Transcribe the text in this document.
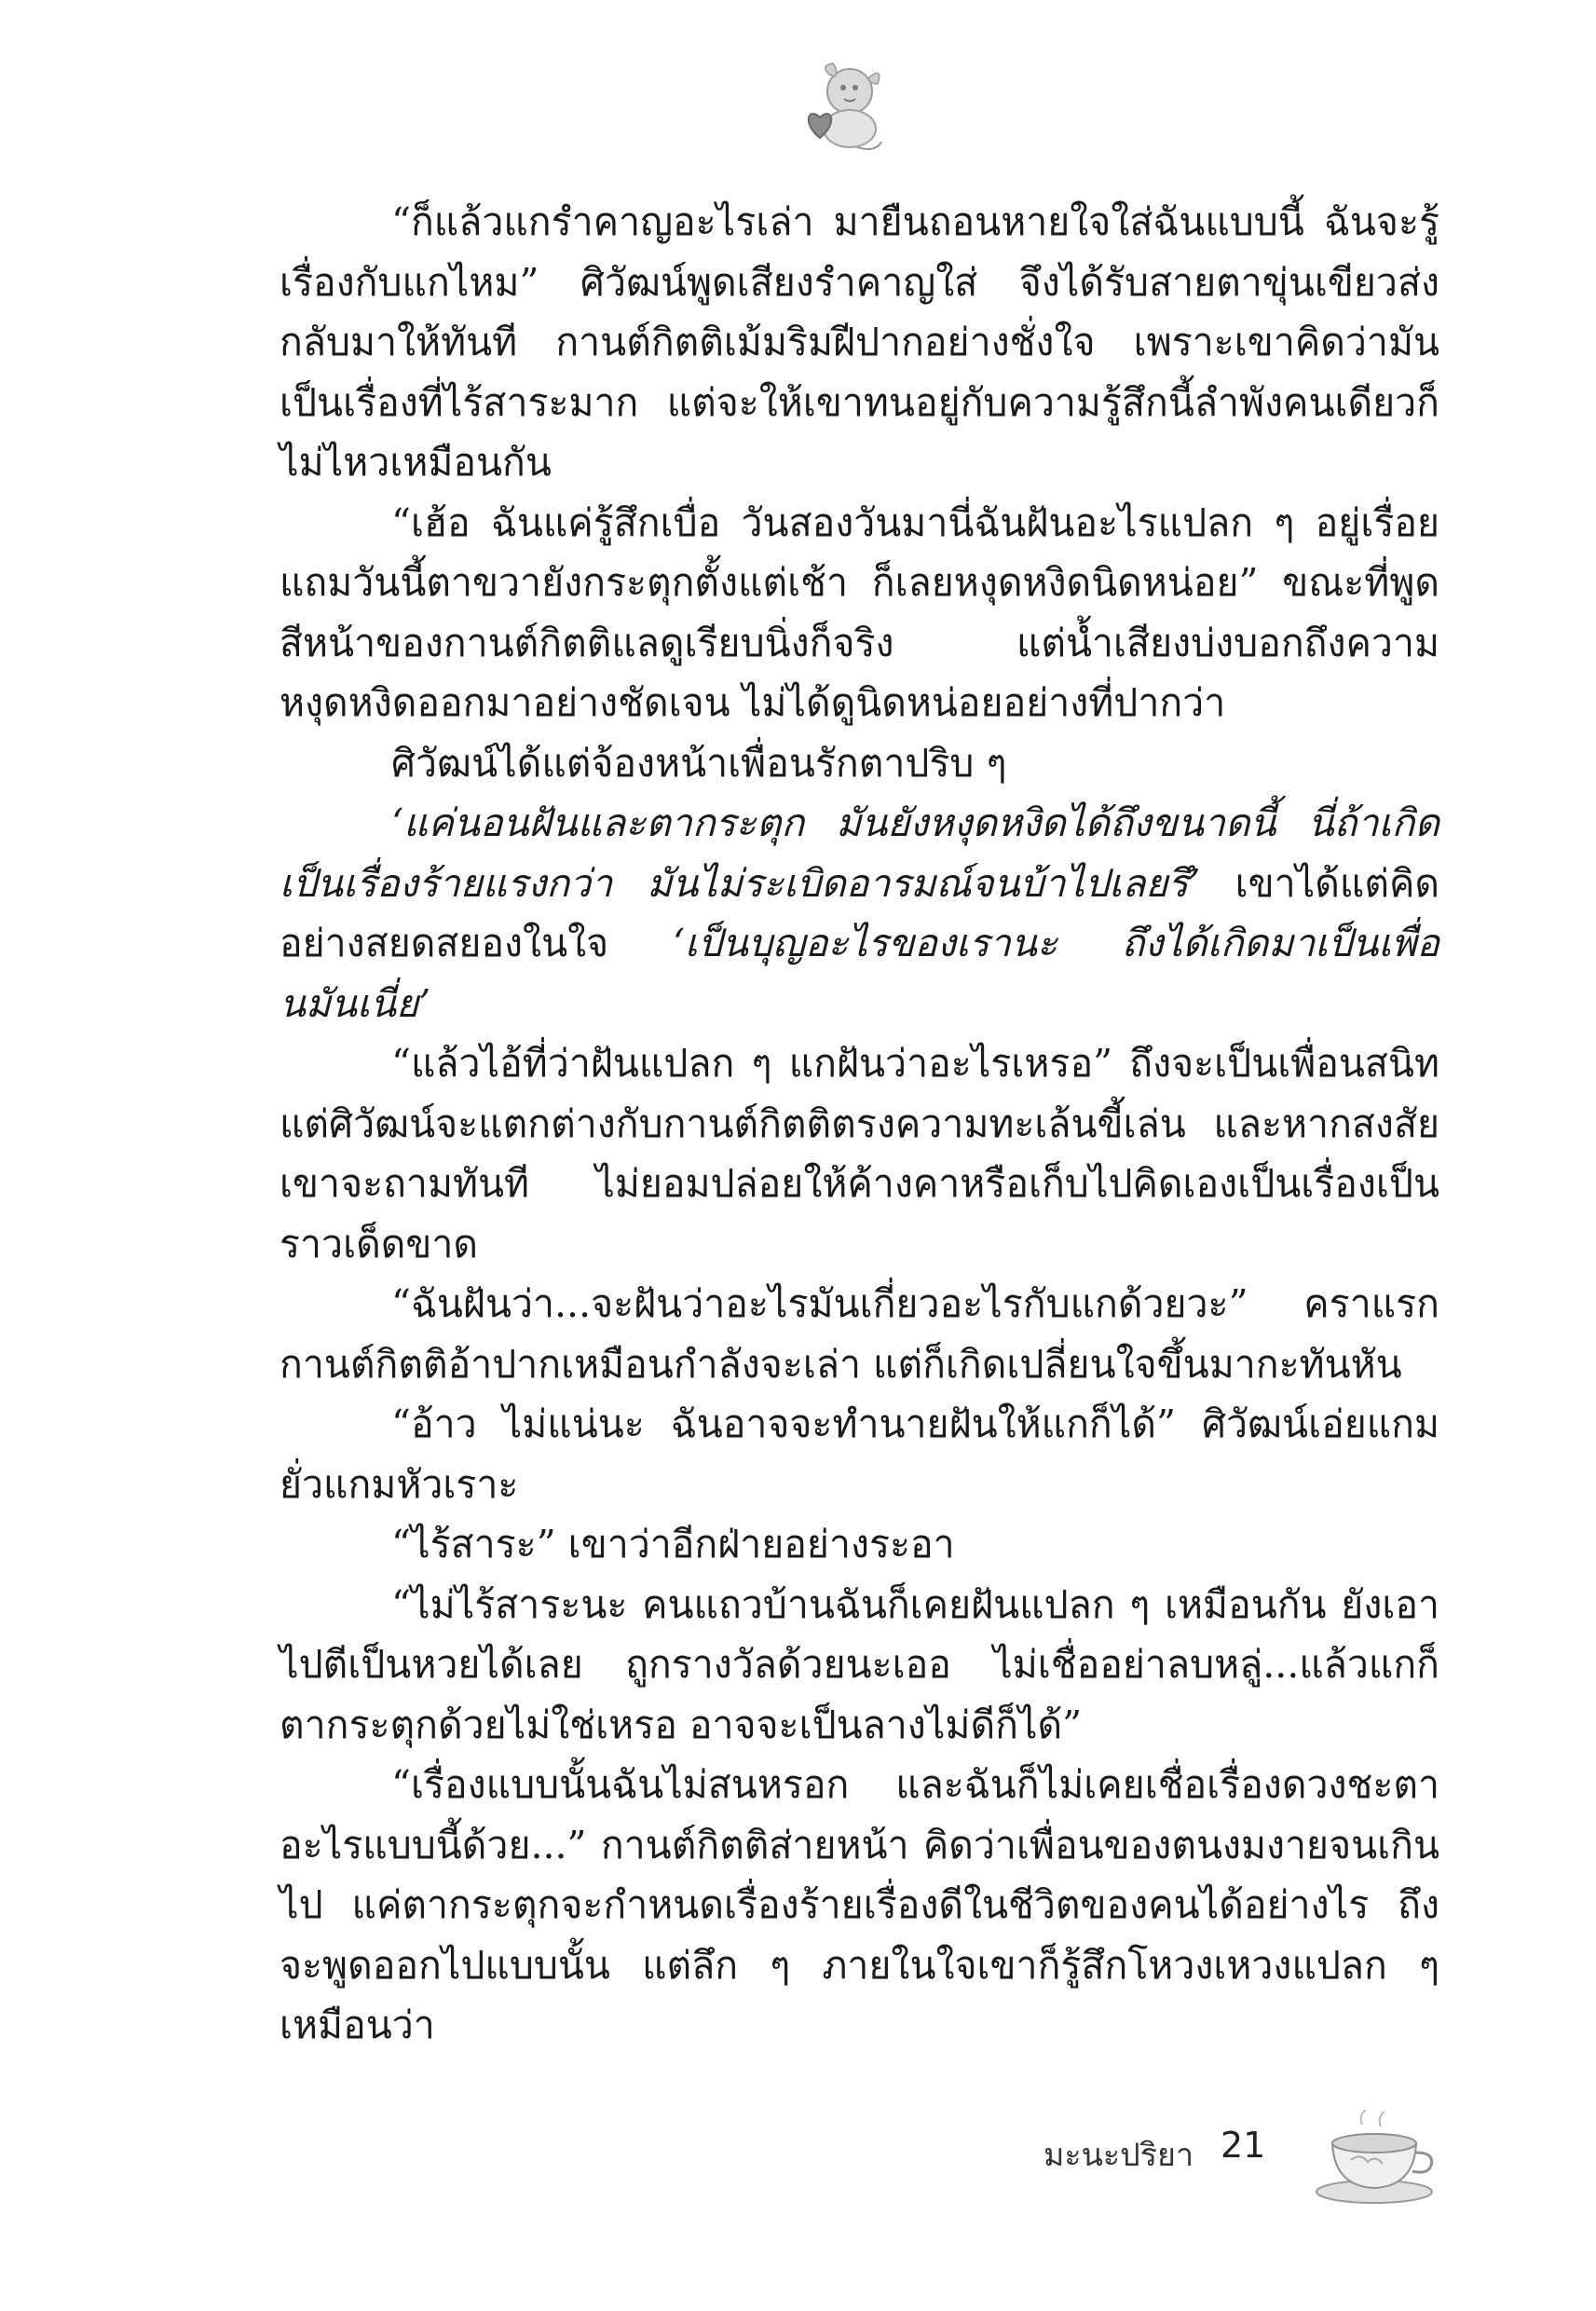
“ก็แล้วแกรำคาญอะไรเล่า มายืนถอนหายใจใส่ฉันแบบนี้ ฉันจะรู้เรื่องกับแกไหม” ศิวัฒน์พูดเสียงรำคาญใส่ จึงได้รับสายตาขุ่นเขียวส่งกลับมาให้ทันที กานต์กิตติเม้มริมฝีปากอย่างชั่งใจ เพราะเขาคิดว่ามันเป็นเรื่องที่ไร้สาระมาก แต่จะให้เขาทนอยู่กับความรู้สึกนี้ลำพังคนเดียวก็ไม่ไหวเหมือนกัน

“เฮ้อ ฉันแค่รู้สึกเบื่อ วันสองวันมานี่ฉันฝันอะไรแปลก ๆ อยู่เรื่อย แถมวันนี้ตาขวายังกระตุกตั้งแต่เช้า ก็เลยหงุดหงิดนิดหน่อย” ขณะที่พูดสีหน้าของกานต์กิตติแลดูเรียบนิ่งก็จริง แต่น้ำเสียงบ่งบอกถึงความหงุดหงิดออกมาอย่างชัดเจน ไม่ได้ดูนิดหน่อยอย่างที่ปากว่า

ศิวัฒน์ได้แต่จ้องหน้าเพื่อนรักตาปริบ ๆ

‘แค่นอนฝันและตากระตุก มันยังหงุดหงิดได้ถึงขนาดนี้ นี่ถ้าเกิดเป็นเรื่องร้ายแรงกว่า มันไม่ระเบิดอารมณ์จนบ้าไปเลยรึ’ เขาได้แต่คิดอย่างสยดสยองในใจ ‘เป็นบุญอะไรของเรานะ ถึงได้เกิดมาเป็นเพื่อนมันเนี่ย’

“แล้วไอ้ที่ว่าฝันแปลก ๆ แกฝันว่าอะไรเหรอ” ถึงจะเป็นเพื่อนสนิทแต่ศิวัฒน์จะแตกต่างกับกานต์กิตติตรงความทะเล้นขี้เล่น และหากสงสัยเขาจะถามทันที ไม่ยอมปล่อยให้ค้างคาหรือเก็บไปคิดเองเป็นเรื่องเป็นราวเด็ดขาด

“ฉันฝันว่า...จะฝันว่าอะไรมันเกี่ยวอะไรกับแกด้วยวะ” คราแรกกานต์กิตติอ้าปากเหมือนกำลังจะเล่า แต่ก็เกิดเปลี่ยนใจขึ้นมากะทันหัน

“อ้าว ไม่แน่นะ ฉันอาจจะทำนายฝันให้แกก็ได้” ศิวัฒน์เอ่ยแกมยั่วแกมหัวเราะ

“ไร้สาระ” เขาว่าอีกฝ่ายอย่างระอา

“ไม่ไร้สาระนะ คนแถวบ้านฉันก็เคยฝันแปลก ๆ เหมือนกัน ยังเอาไปตีเป็นหวยได้เลย ถูกรางวัลด้วยนะเออ ไม่เชื่ออย่าลบหลู่...แล้วแกก็ตากระตุกด้วยไม่ใช่เหรอ อาจจะเป็นลางไม่ดีก็ได้”

“เรื่องแบบนั้นฉันไม่สนหรอก และฉันก็ไม่เคยเชื่อเรื่องดวงชะตาอะไรแบบนี้ด้วย...” กานต์กิตติส่ายหน้า คิดว่าเพื่อนของตนงมงายจนเกินไป แค่ตากระตุกจะกำหนดเรื่องร้ายเรื่องดีในชีวิตของคนได้อย่างไร ถึงจะพูดออกไปแบบนั้น แต่ลึก ๆ ภายในใจเขาก็รู้สึกโหวงเหวงแปลก ๆ เหมือนว่า

มะนะปริยา 21
